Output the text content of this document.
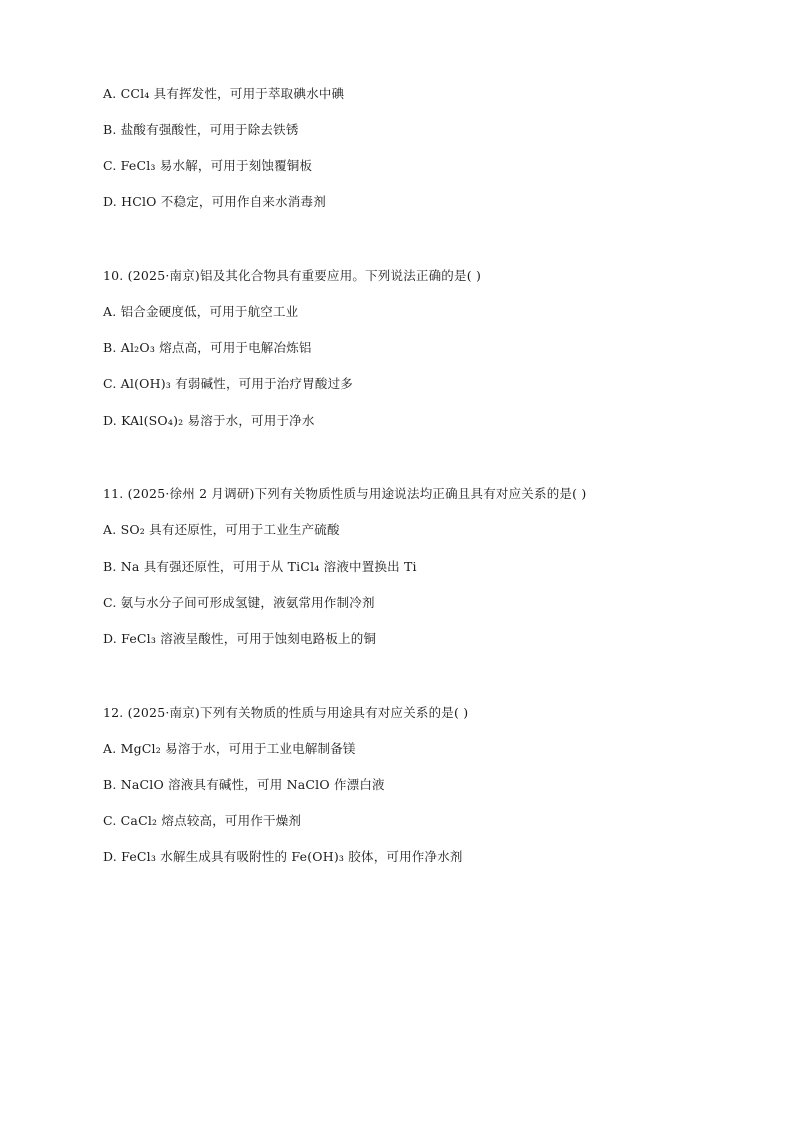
A. CCl₄ 具有挥发性，可用于萃取碘水中碘
B. 盐酸有强酸性，可用于除去铁锈
C. FeCl₃ 易水解，可用于刻蚀覆铜板
D. HClO 不稳定，可用作自来水消毒剂
10. (2025·南京)铝及其化合物具有重要应用。下列说法正确的是( )
A. 铝合金硬度低，可用于航空工业
B. Al₂O₃ 熔点高，可用于电解冶炼铝
C. Al(OH)₃ 有弱碱性，可用于治疗胃酸过多
D. KAl(SO₄)₂ 易溶于水，可用于净水
11. (2025·徐州 2 月调研)下列有关物质性质与用途说法均正确且具有对应关系的是( )
A. SO₂ 具有还原性，可用于工业生产硫酸
B. Na 具有强还原性，可用于从 TiCl₄ 溶液中置换出 Ti
C. 氨与水分子间可形成氢键，液氨常用作制冷剂
D. FeCl₃ 溶液呈酸性，可用于蚀刻电路板上的铜
12. (2025·南京)下列有关物质的性质与用途具有对应关系的是( )
A. MgCl₂ 易溶于水，可用于工业电解制备镁
B. NaClO 溶液具有碱性，可用 NaClO 作漂白液
C. CaCl₂ 熔点较高，可用作干燥剂
D. FeCl₃ 水解生成具有吸附性的 Fe(OH)₃ 胶体，可用作净水剂
